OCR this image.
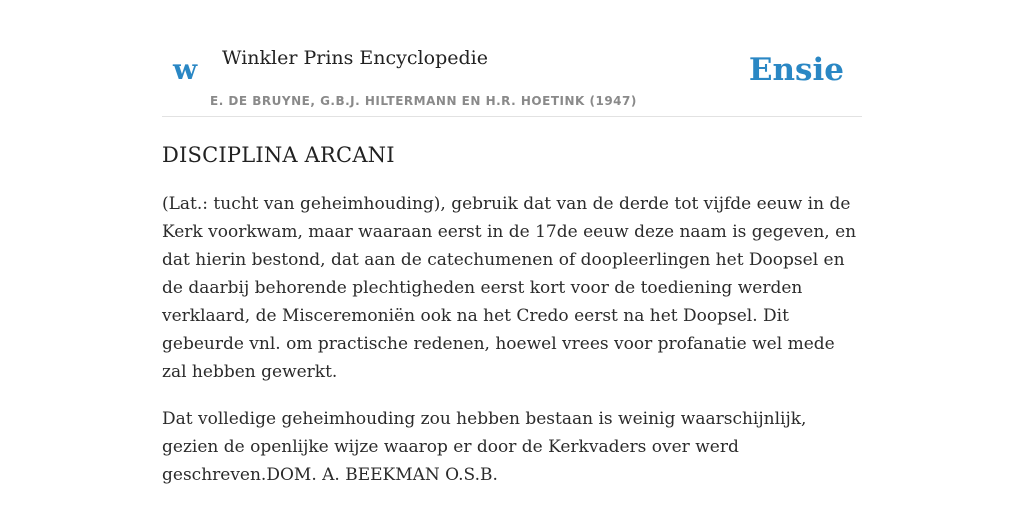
w Winkler Prins Encyclopedie
E. DE BRUYNE, G.B.J. HILTERMANN EN H.R. HOETINK (1947)
Ensie
DISCIPLINA ARCANI

(Lat.: tucht van geheimhouding), gebruik dat van de derde tot vijfde eeuw in de Kerk voorkwam, maar waaraan eerst in de 17de eeuw deze naam is gegeven, en dat hierin bestond, dat aan de catechumenen of doopleerlingen het Doopsel en de daarbij behorende plechtigheden eerst kort voor de toediening werden verklaard, de Misceremoniën ook na het Credo eerst na het Doopsel. Dit gebeurde vnl. om practische redenen, hoewel vrees voor profanatie wel mede zal hebben gewerkt.

Dat volledige geheimhouding zou hebben bestaan is weinig waarschijnlijk, gezien de openlijke wijze waarop er door de Kerkvaders over werd geschreven.DOM. A. BEEKMAN O.S.B.
